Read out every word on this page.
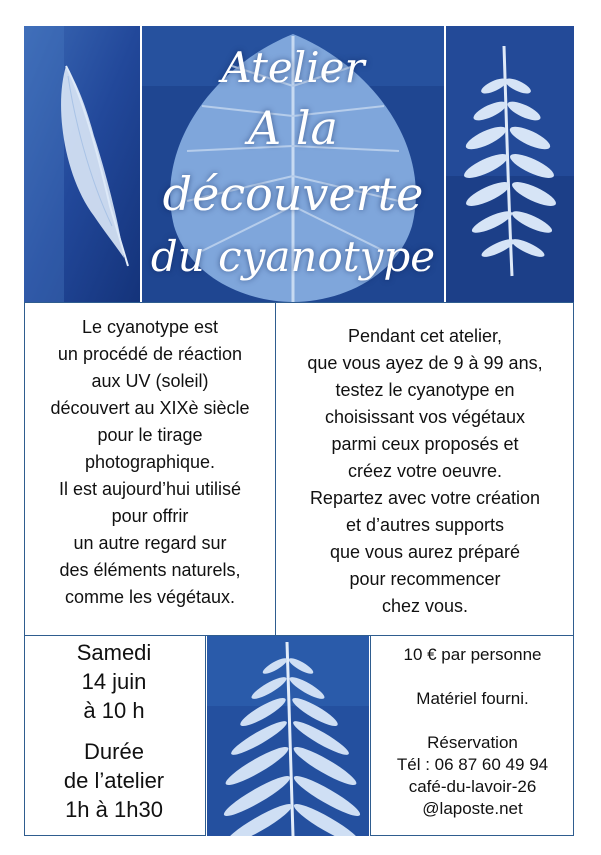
Atelier
A la découverte
du cyanotype
Le cyanotype est
un procédé de réaction
aux UV (soleil)
découvert au XIXè siècle
pour le tirage
photographique.
Il est aujourd’hui utilisé
pour offrir
un autre regard sur
des éléments naturels,
comme les végétaux.
Pendant cet atelier,
que vous ayez de 9 à 99 ans,
testez le cyanotype en
choisissant vos végétaux
parmi ceux proposés et
créez votre oeuvre.
Repartez avec votre création
et d’autres supports
que vous aurez préparé
pour recommencer
chez vous.
Samedi
14 juin
à 10 h
Durée
de l’atelier
1h à 1h30
10 € par personne
Matériel fourni.
Réservation
Tél : 06 87 60 49 94
café-du-lavoir-26
@laposte.net
